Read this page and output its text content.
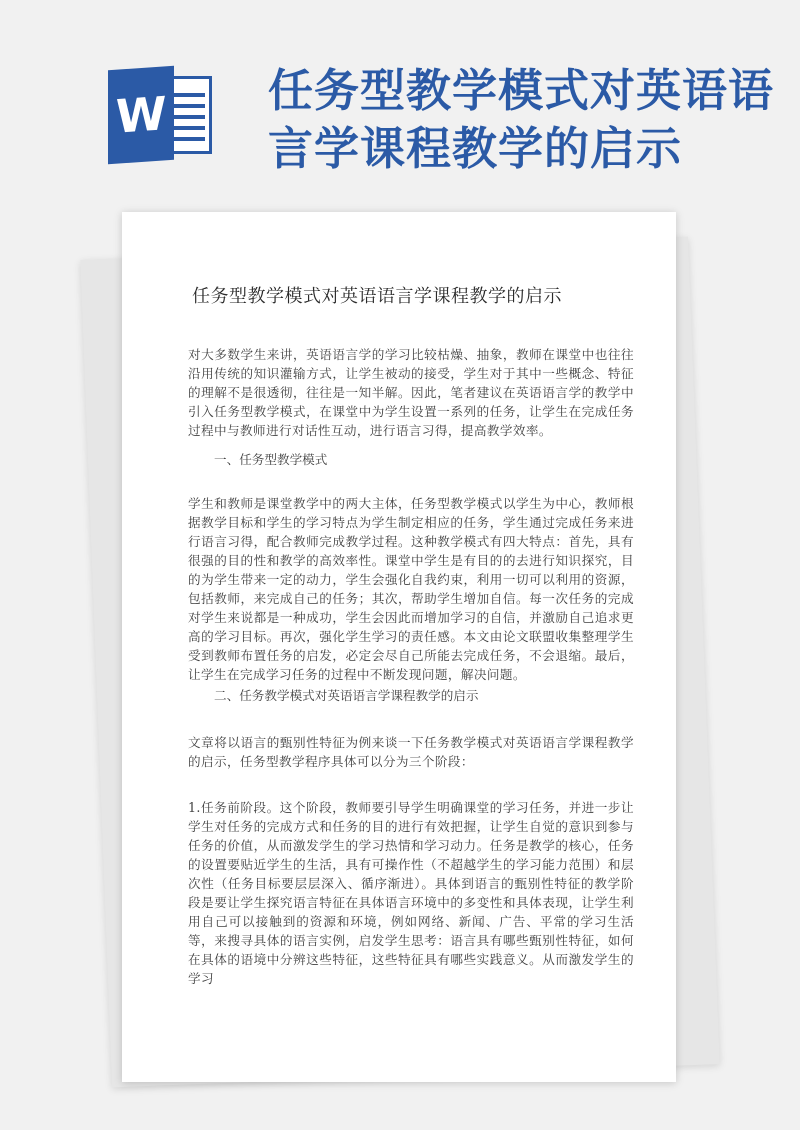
W 任务型教学模式对英语语言学课程教学的启示
任务型教学模式对英语语言学课程教学的启示

对大多数学生来讲，英语语言学的学习比较枯燥、抽象，教师在课堂中也往往沿用传统的知识灌输方式，让学生被动的接受，学生对于其中一些概念、特征的理解不是很透彻，往往是一知半解。因此，笔者建议在英语语言学的教学中引入任务型教学模式，在课堂中为学生设置一系列的任务，让学生在完成任务过程中与教师进行对话性互动，进行语言习得，提高教学效率。

一、任务型教学模式

学生和教师是课堂教学中的两大主体，任务型教学模式以学生为中心，教师根据教学目标和学生的学习特点为学生制定相应的任务，学生通过完成任务来进行语言习得，配合教师完成教学过程。这种教学模式有四大特点：首先，具有很强的目的性和教学的高效率性。课堂中学生是有目的的去进行知识探究，目的为学生带来一定的动力，学生会强化自我约束，利用一切可以利用的资源，包括教师，来完成自己的任务；其次，帮助学生增加自信。每一次任务的完成对学生来说都是一种成功，学生会因此而增加学习的自信，并激励自己追求更高的学习目标。再次，强化学生学习的责任感。本文由论文联盟收集整理学生受到教师布置任务的启发，必定会尽自己所能去完成任务，不会退缩。最后，让学生在完成学习任务的过程中不断发现问题，解决问题。

二、任务教学模式对英语语言学课程教学的启示

文章将以语言的甄别性特征为例来谈一下任务教学模式对英语语言学课程教学的启示，任务型教学程序具体可以分为三个阶段：

1.任务前阶段。这个阶段，教师要引导学生明确课堂的学习任务，并进一步让学生对任务的完成方式和任务的目的进行有效把握，让学生自觉的意识到参与任务的价值，从而激发学生的学习热情和学习动力。任务是教学的核心，任务的设置要贴近学生的生活，具有可操作性（不超越学生的学习能力范围）和层次性（任务目标要层层深入、循序渐进）。具体到语言的甄别性特征的教学阶段是要让学生探究语言特征在具体语言环境中的多变性和具体表现，让学生利用自己可以接触到的资源和环境，例如网络、新闻、广告、平常的学习生活等，来搜寻具体的语言实例，启发学生思考：语言具有哪些甄别性特征，如何在具体的语境中分辨这些特征，这些特征具有哪些实践意义。从而激发学生的学习
